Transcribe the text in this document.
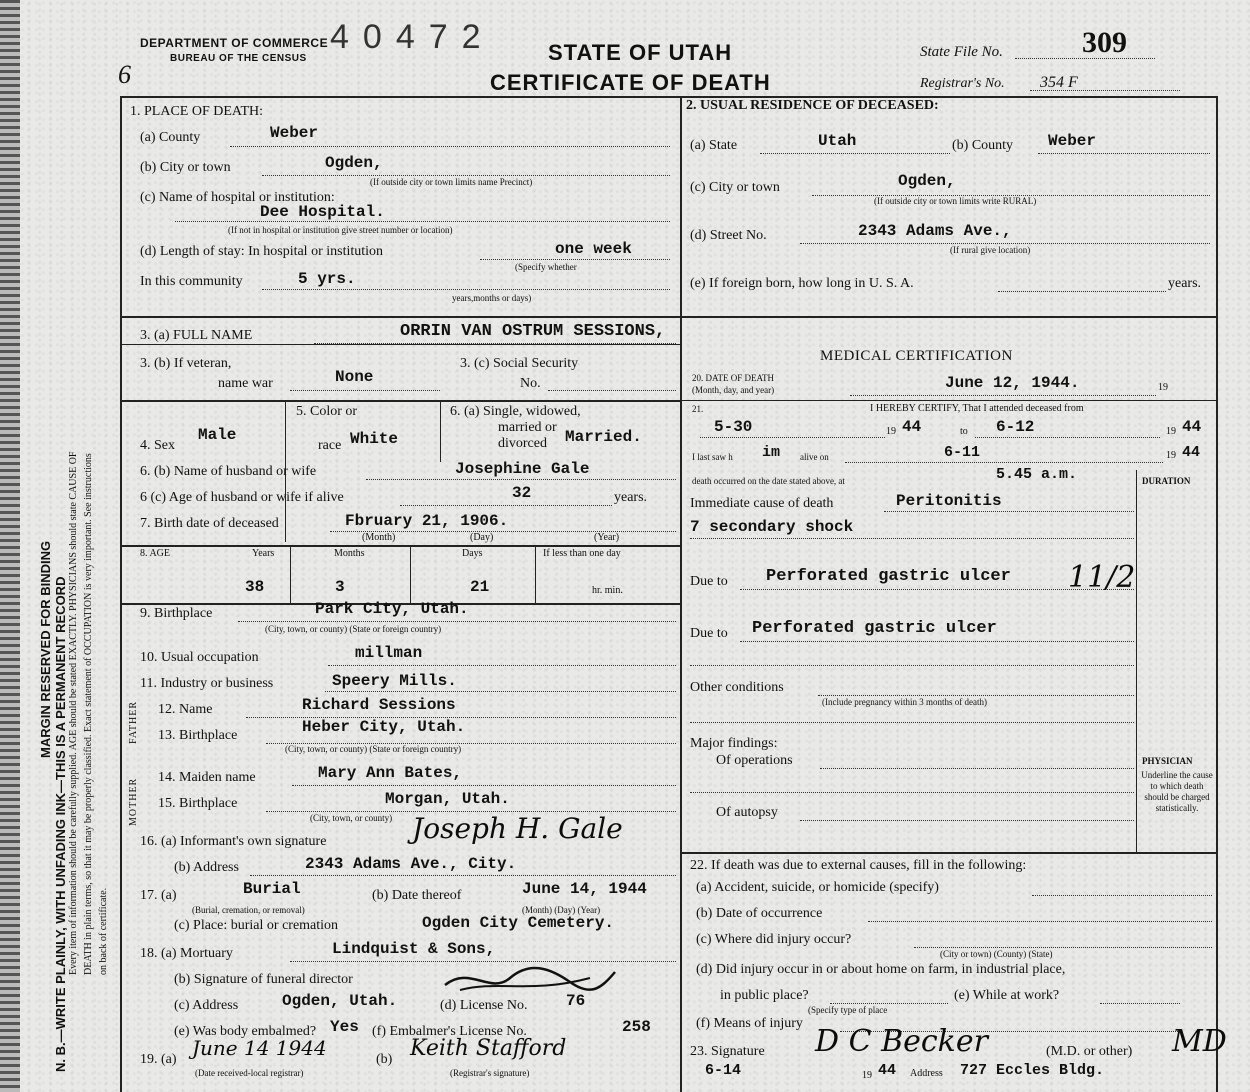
MARGIN RESERVED FOR BINDING N. B.—WRITE PLAINLY, WITH UNFADING INK—THIS IS A PERMANENT RECORD Every item of information should be carefully supplied. AGE should be stated EXACTLY. PHYSICIANS should state CAUSE OF DEATH in plain terms, so that it may be properly classified. Exact statement of OCCUPATION is very important. See instructions on back of certificate.
6
DEPARTMENT OF COMMERCE
BUREAU OF THE CENSUS
40472 STATE OF UTAH
CERTIFICATE OF DEATH
State File No.	309
Registrar's No. 354 F
1. PLACE OF DEATH:
(a) County	Weber
(b) City or town	Ogden,
(If outside city or town limits name Precinct)
(c) Name of hospital or institution:
Dee Hospital.
(If not in hospital or institution give street number or location)
(d) Length of stay: In hospital or institution	one week
(Specify whether
In this community	5 yrs.
years,months or days)
2. USUAL RESIDENCE OF DECEASED:
(a) State	Utah	(b) County Weber
(c) City or town	Ogden,
(If outside city or town limits write RURAL)
(d) Street No.	2343 Adams Ave.,
(If rural give location)
(e) If foreign born, how long in U. S. A.	years.
3. (a) FULL NAME	ORRIN VAN OSTRUM SESSIONS,
3. (b) If veteran,
name war	None
3. (c) Social Security
No.
4. Sex
Male
5. Color or
race White
6. (a) Single, widowed,
married or
divorced Married.
6. (b) Name of husband or wife	Josephine Gale
6 (c) Age of husband or wife if alive	32	years.
7. Birth date of deceased	Fbruary 21, 1906.
(Month)	(Day)	(Year)
8. AGE	Years	Months	Days	If less than one day
38	3	21	hr. min.
9. Birthplace	Park City, Utah.
(City, town, or county) (State or foreign country)
10. Usual occupation	millman
11. Industry or business	Speery Mills.
FATHER 12. Name	Richard Sessions
13. Birthplace	Heber City, Utah.
(City, town, or county) (State or foreign country)
MOTHER
14. Maiden name	Mary Ann Bates,
15. Birthplace	Morgan, Utah.
(City, town, or county)
16. (a) Informant's own signature	Joseph H. Gale
(b) Address	2343 Adams Ave., City.
17. (a)	Burial
(Burial, cremation, or removal)
(b) Date thereof	June 14, 1944
(Month) (Day) (Year)
(c) Place: burial or cremation	Ogden City Cemetery.
18. (a) Mortuary	Lindquist & Sons,
(b) Signature of funeral director
(c) Address	Ogden, Utah.	(d) License No. 76
(e) Was body embalmed? Yes (f) Embalmer's License No.	258
19. (a) June 14 1944
(Date received-local registrar)
Keith Stafford
(Registrar's signature)
(b)
MEDICAL CERTIFICATION
20. DATE OF DEATH
(Month, day, and year)	June 12, 1944.	19
21.	I HEREBY CERTIFY, That I attended deceased from
5-30	19 44	to 6-12	19 44
I last saw h im alive on	6-11	19 44
death occurred on the date stated above, at	5.45 a.m.	DURATION
Immediate cause of death	Peritonitis
7 secondary shock
Due to Perforated gastric ulcer 11/2
Due to Perforated gastric ulcer
Other conditions
(Include pregnancy within 3 months of death)
Major findings:
Of operations
Of autopsy
PHYSICIAN
Underline the cause to which death should be charged statistically.
22. If death was due to external causes, fill in the following:
(a) Accident, suicide, or homicide (specify)
(b) Date of occurrence
(c) Where did injury occur?
(City or town) (County) (State)
(d) Did injury occur in or about home on farm, in industrial place,
in public place?
(Specify type of place
(e) While at work?
(f) Means of injury
23. Signature D C Becker	(M.D. or other) MD
6-14	19 44 Address 727 Eccles Bldg.
